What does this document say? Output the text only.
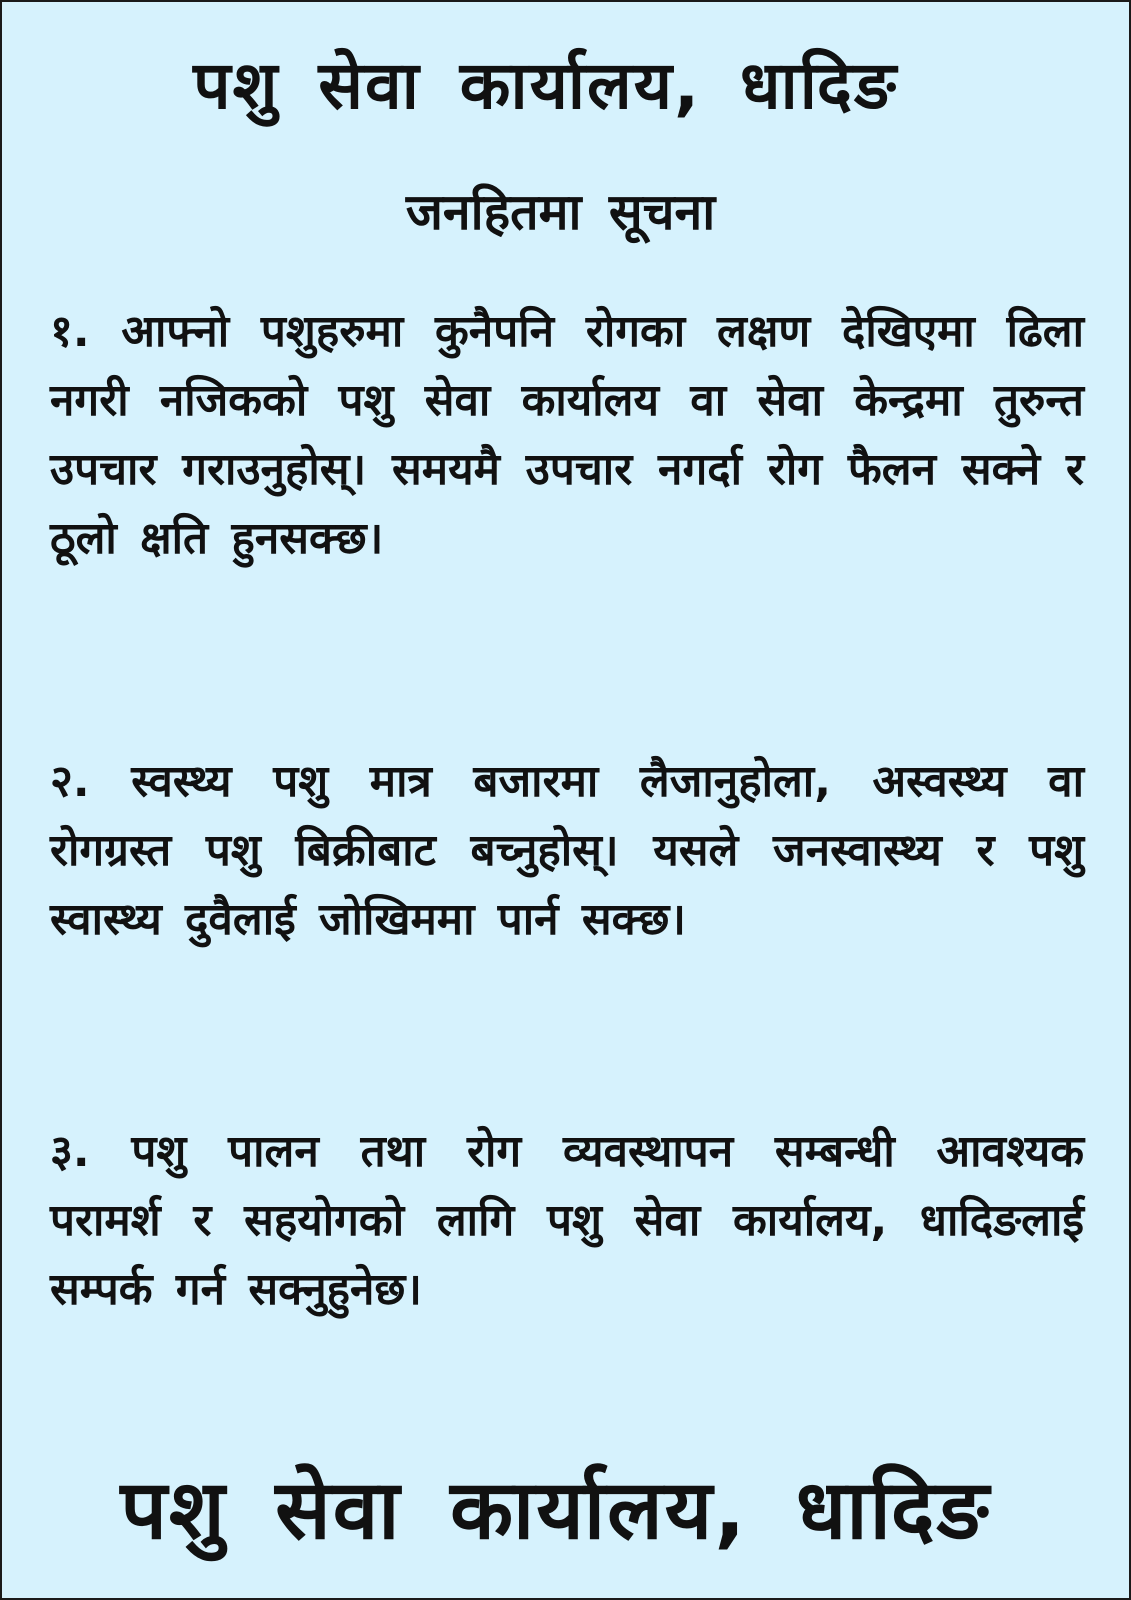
पशु सेवा कार्यालय, धादिङ
जनहितमा सूचना

१. आफ्नो पशुहरुमा कुनैपनि रोगका लक्षण देखिएमा ढिला नगरी नजिकको पशु सेवा कार्यालय वा सेवा केन्द्रमा तुरुन्त उपचार गराउनुहोस्। समयमै उपचार नगर्दा रोग फैलन सक्ने र ठूलो क्षति हुनसक्छ।

२. स्वस्थ्य पशु मात्र बजारमा लैजानुहोला, अस्वस्थ्य वा रोगग्रस्त पशु बिक्रीबाट बच्नुहोस्। यसले जनस्वास्थ्य र पशु स्वास्थ्य दुवैलाई जोखिममा पार्न सक्छ।

३. पशु पालन तथा रोग व्यवस्थापन सम्बन्धी आवश्यक परामर्श र सहयोगको लागि पशु सेवा कार्यालय, धादिङलाई सम्पर्क गर्न सक्नुहुनेछ।

पशु सेवा कार्यालय, धादिङ
